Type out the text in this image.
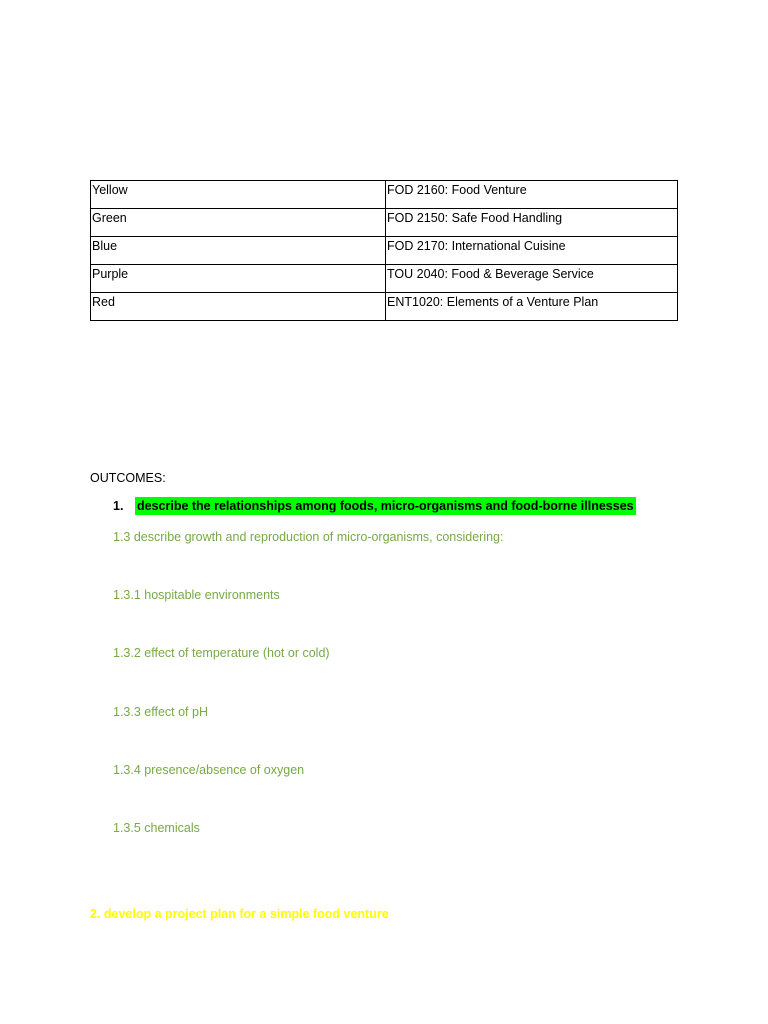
Yellow	FOD 2160: Food Venture
Green	FOD 2150: Safe Food Handling
Blue	FOD 2170: International Cuisine
Purple	TOU 2040: Food & Beverage Service
Red	ENT1020: Elements of a Venture Plan

OUTCOMES:

1. describe the relationships among foods, micro-organisms and food-borne illnesses
1.3 describe growth and reproduction of micro-organisms, considering:
1.3.1 hospitable environments
1.3.2 effect of temperature (hot or cold)
1.3.3 effect of pH
1.3.4 presence/absence of oxygen
1.3.5 chemicals
2. develop a project plan for a simple food venture
